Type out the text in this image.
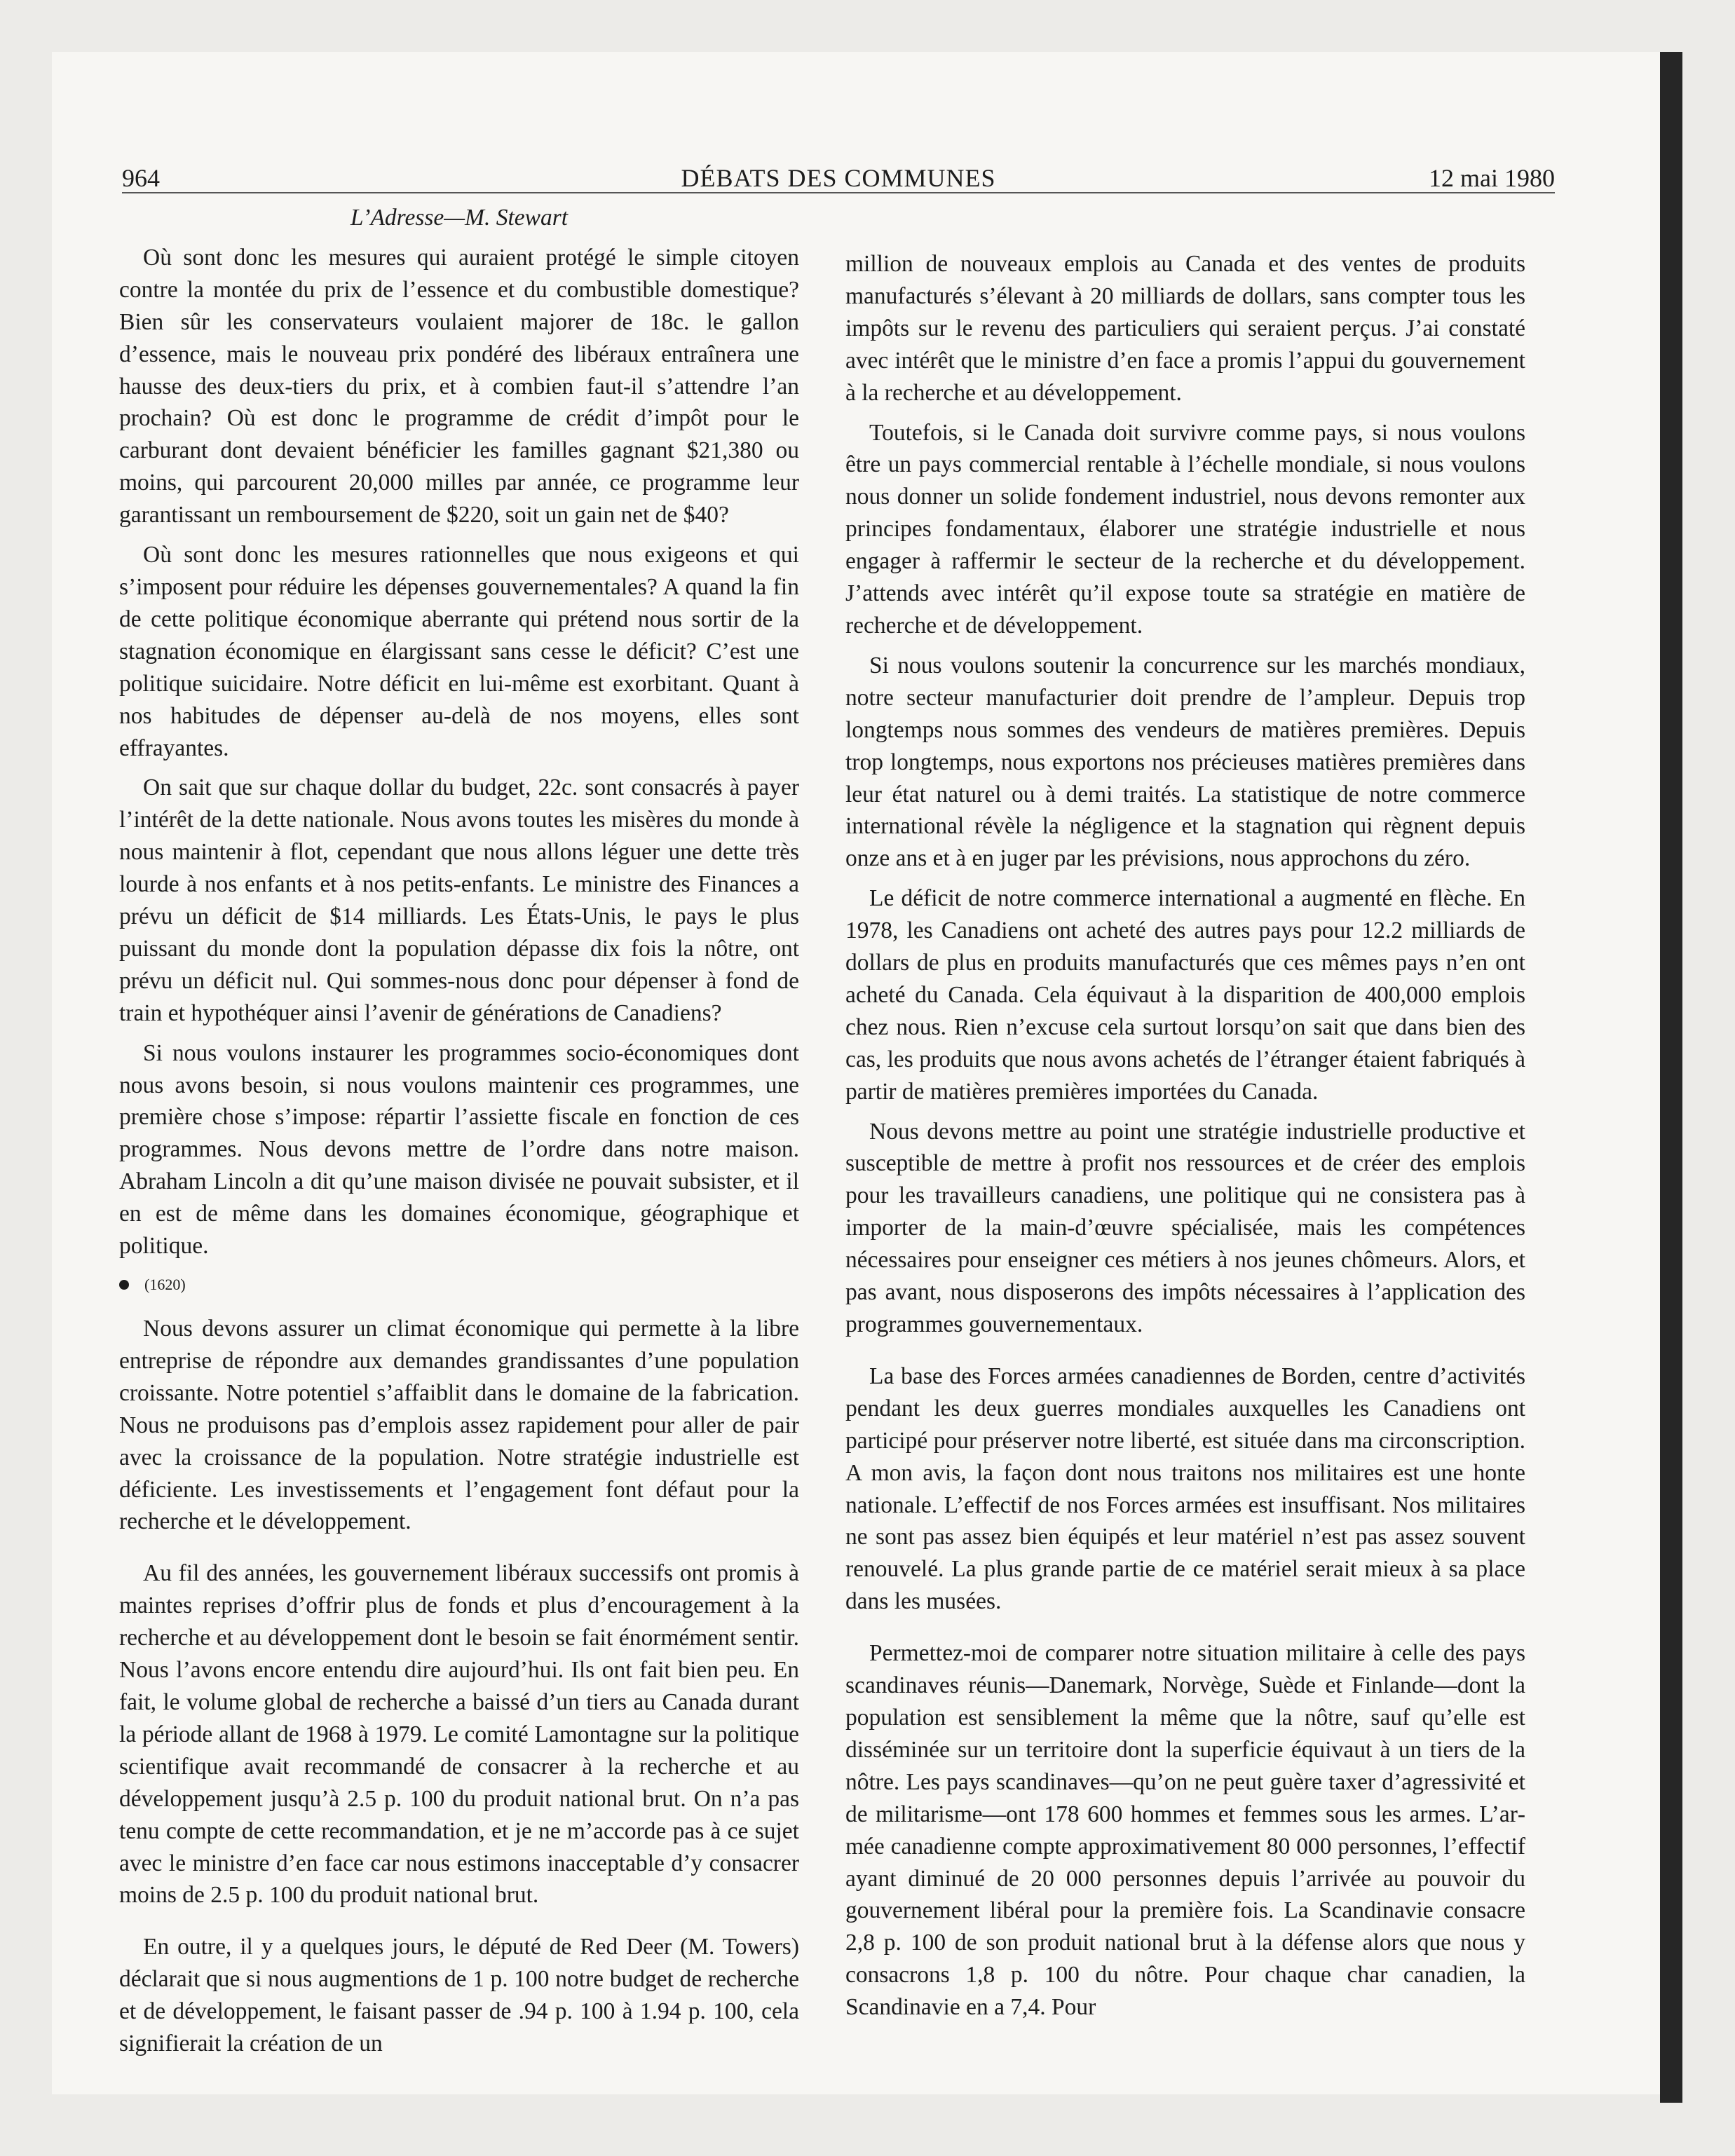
964	DÉBATS DES COMMUNES	12 mai 1980

L’Adresse—M. Stewart

Où sont donc les mesures qui auraient protégé le simple citoyen contre la montée du prix de l’essence et du combustible domestique? Bien sûr les conservateurs voulaient majorer de 18c. le gallon d’essence, mais le nouveau prix pondéré des libéraux entraînera une hausse des deux-tiers du prix, et à combien faut-il s’attendre l’an prochain? Où est donc le programme de crédit d’impôt pour le carburant dont devaient bénéficier les familles gagnant $21,380 ou moins, qui parcourent 20,000 milles par année, ce programme leur garantissant un remboursement de $220, soit un gain net de $40?

Où sont donc les mesures rationnelles que nous exigeons et qui s’imposent pour réduire les dépenses gouvernementales? A quand la fin de cette politique économique aberrante qui prétend nous sortir de la stagnation économique en élargissant sans cesse le déficit? C’est une politique suicidaire. Notre déficit en lui-même est exorbitant. Quant à nos habitudes de dépenser au-delà de nos moyens, elles sont effrayantes.

On sait que sur chaque dollar du budget, 22c. sont consacrés à payer l’intérêt de la dette nationale. Nous avons toutes les misères du monde à nous maintenir à flot, cependant que nous allons léguer une dette très lourde à nos enfants et à nos petits-enfants. Le ministre des Finances a prévu un déficit de $14 milliards. Les États-Unis, le pays le plus puissant du monde dont la population dépasse dix fois la nôtre, ont prévu un déficit nul. Qui sommes-nous donc pour dépenser à fond de train et hypothéquer ainsi l’avenir de générations de Canadiens?

Si nous voulons instaurer les programmes socio-économiques dont nous avons besoin, si nous voulons maintenir ces programmes, une première chose s’impose: répartir l’assiette fiscale en fonction de ces programmes. Nous devons mettre de l’ordre dans notre maison. Abraham Lincoln a dit qu’une maison divisée ne pouvait subsister, et il en est de même dans les domaines économique, géographique et politique.

(1620)

Nous devons assurer un climat économique qui permette à la libre entreprise de répondre aux demandes grandissantes d’une population croissante. Notre potentiel s’affaiblit dans le domaine de la fabrication. Nous ne produisons pas d’emplois assez rapidement pour aller de pair avec la croissance de la population. Notre stratégie industrielle est déficiente. Les investissements et l’engagement font défaut pour la recherche et le développement.

Au fil des années, les gouvernement libéraux successifs ont promis à maintes reprises d’offrir plus de fonds et plus d’encouragement à la recherche et au développement dont le besoin se fait énormément sentir. Nous l’avons encore entendu dire aujourd’hui. Ils ont fait bien peu. En fait, le volume global de recherche a baissé d’un tiers au Canada durant la période allant de 1968 à 1979. Le comité Lamontagne sur la politique scientifique avait recommandé de consacrer à la recherche et au développement jusqu’à 2.5 p. 100 du produit national brut. On n’a pas tenu compte de cette recommandation, et je ne m’accorde pas à ce sujet avec le ministre d’en face car nous estimons inacceptable d’y consacrer moins de 2.5 p. 100 du produit national brut.

En outre, il y a quelques jours, le député de Red Deer (M. Towers) déclarait que si nous augmentions de 1 p. 100 notre budget de recherche et de développement, le faisant passer de .94 p. 100 à 1.94 p. 100, cela signifierait la création de un

million de nouveaux emplois au Canada et des ventes de produits manufacturés s’élevant à 20 milliards de dollars, sans compter tous les impôts sur le revenu des particuliers qui seraient perçus. J’ai constaté avec intérêt que le ministre d’en face a promis l’appui du gouvernement à la recherche et au développement.

Toutefois, si le Canada doit survivre comme pays, si nous voulons être un pays commercial rentable à l’échelle mondiale, si nous voulons nous donner un solide fondement industriel, nous devons remonter aux principes fondamentaux, élaborer une stratégie industrielle et nous engager à raffermir le secteur de la recherche et du développement. J’attends avec intérêt qu’il expose toute sa stratégie en matière de recherche et de développement.

Si nous voulons soutenir la concurrence sur les marchés mondiaux, notre secteur manufacturier doit prendre de l’ampleur. Depuis trop longtemps nous sommes des vendeurs de matières premières. Depuis trop longtemps, nous exportons nos précieuses matières premières dans leur état naturel ou à demi traités. La statistique de notre commerce international révèle la négligence et la stagnation qui règnent depuis onze ans et à en juger par les prévisions, nous approchons du zéro.

Le déficit de notre commerce international a augmenté en flèche. En 1978, les Canadiens ont acheté des autres pays pour 12.2 milliards de dollars de plus en produits manufacturés que ces mêmes pays n’en ont acheté du Canada. Cela équivaut à la disparition de 400,000 emplois chez nous. Rien n’excuse cela surtout lorsqu’on sait que dans bien des cas, les produits que nous avons achetés de l’étranger étaient fabriqués à partir de matières premières importées du Canada.

Nous devons mettre au point une stratégie industrielle productive et susceptible de mettre à profit nos ressources et de créer des emplois pour les travailleurs canadiens, une politique qui ne consistera pas à importer de la main-d’œuvre spécialisée, mais les compétences nécessaires pour enseigner ces métiers à nos jeunes chômeurs. Alors, et pas avant, nous disposerons des impôts nécessaires à l’application des programmes gouvernementaux.

La base des Forces armées canadiennes de Borden, centre d’activités pendant les deux guerres mondiales auxquelles les Canadiens ont participé pour préserver notre liberté, est située dans ma circonscription. A mon avis, la façon dont nous traitons nos militaires est une honte nationale. L’effectif de nos Forces armées est insuffisant. Nos militaires ne sont pas assez bien équipés et leur matériel n’est pas assez souvent renouvelé. La plus grande partie de ce matériel serait mieux à sa place dans les musées.

Permettez-moi de comparer notre situation militaire à celle des pays scandinaves réunis—Danemark, Norvège, Suède et Finlande—dont la population est sensiblement la même que la nôtre, sauf qu’elle est disséminée sur un territoire dont la superficie équivaut à un tiers de la nôtre. Les pays scandinaves—qu’on ne peut guère taxer d’agressivité et de militarisme—ont 178 600 hommes et femmes sous les armes. L’armée canadienne compte approximativement 80 000 personnes, l’effectif ayant diminué de 20 000 personnes depuis l’arrivée au pouvoir du gouvernement libéral pour la première fois. La Scandinavie consacre 2,8 p. 100 de son produit national brut à la défense alors que nous y consacrons 1,8 p. 100 du nôtre. Pour chaque char canadien, la Scandinavie en a 7,4. Pour
